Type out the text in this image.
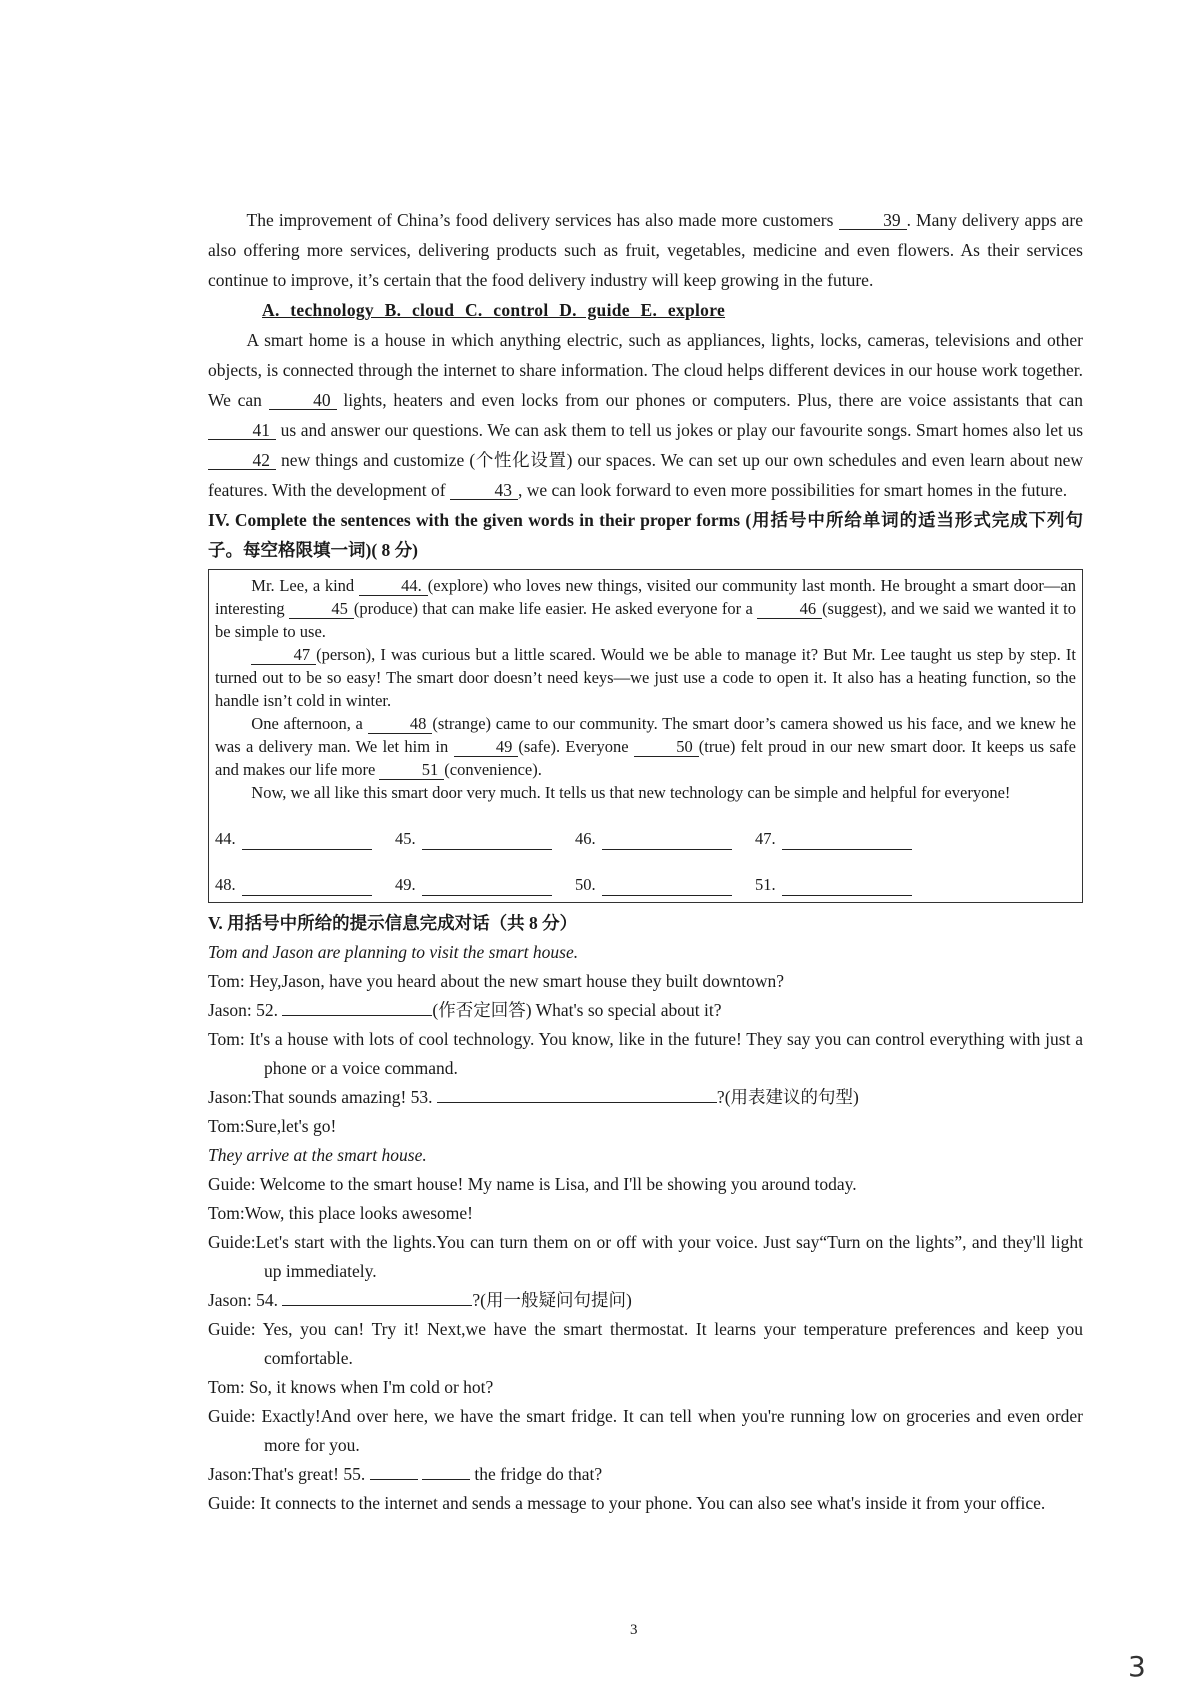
The improvement of China’s food delivery services has also made more customers	39 . Many delivery apps are also offering more services, delivering products such as fruit, vegetables, medicine and even flowers. As their services continue to improve, it’s certain that the food delivery industry will keep growing in the future.

A. technology B. cloud C. control D. guide E. explore

A smart home is a house in which anything electric, such as appliances, lights, locks, cameras, televisions and other objects, is connected through the internet to share information. The cloud helps different devices in our house work together. We can	40 lights, heaters and even locks from our phones or computers. Plus, there are voice assistants that can 41 us and answer our questions. We can ask them to tell us jokes or play our favourite songs. Smart homes also let us 42 new things and customize (个性化设置) our spaces. We can set up our own schedules and even learn about new features. With the development of	43 , we can look forward to even more possibilities for smart homes in the future.

IV. Complete the sentences with the given words in their proper forms (用括号中所给单词的适当形式完成下列句子。每空格限填一词)( 8 分)

Mr. Lee, a kind	44. (explore) who loves new things, visited our community last month. He brought a smart door—an interesting	45 (produce) that can make life easier. He asked everyone for a	46 (suggest), and we said we wanted it to be simple to use.

47 (person), I was curious but a little scared. Would we be able to manage it? But Mr. Lee taught us step by step. It turned out to be so easy! The smart door doesn’t need keys—we just use a code to open it. It also has a heating function, so the handle isn’t cold in winter.

One afternoon, a	48 (strange) came to our community. The smart door’s camera showed us his face, and we knew he was a delivery man. We let him in	49 (safe). Everyone	50 (true) felt proud in our new smart door. It keeps us safe and makes our life more	51 (convenience).

Now, we all like this smart door very much. It tells us that new technology can be simple and helpful for everyone!

44.	45.	46.	47.
48.	49.	50.	51.

V. 用括号中所给的提示信息完成对话（共 8 分）

Tom and Jason are planning to visit the smart house.

Tom: Hey,Jason, have you heard about the new smart house they built downtown?

Jason: 52.	(作否定回答) What's so special about it?

Tom: It's a house with lots of cool technology. You know, like in the future! They say you can control everything with just a phone or a voice command.

Jason:That sounds amazing! 53.	?(用表建议的句型)

Tom:Sure,let's go!

They arrive at the smart house.

Guide: Welcome to the smart house! My name is Lisa, and I'll be showing you around today.

Tom:Wow, this place looks awesome!

Guide:Let's start with the lights.You can turn them on or off with your voice. Just say“Turn on the lights”, and they'll light up immediately.

Jason: 54.	?(用一般疑问句提问)

Guide: Yes, you can! Try it! Next,we have the smart thermostat. It learns your temperature preferences and keep you comfortable.

Tom: So, it knows when I'm cold or hot?

Guide: Exactly!And over here, we have the smart fridge. It can tell when you're running low on groceries and even order more for you.

Jason:That's great! 55.	the fridge do that?

Guide: It connects to the internet and sends a message to your phone. You can also see what's inside it from your office.

3
3
